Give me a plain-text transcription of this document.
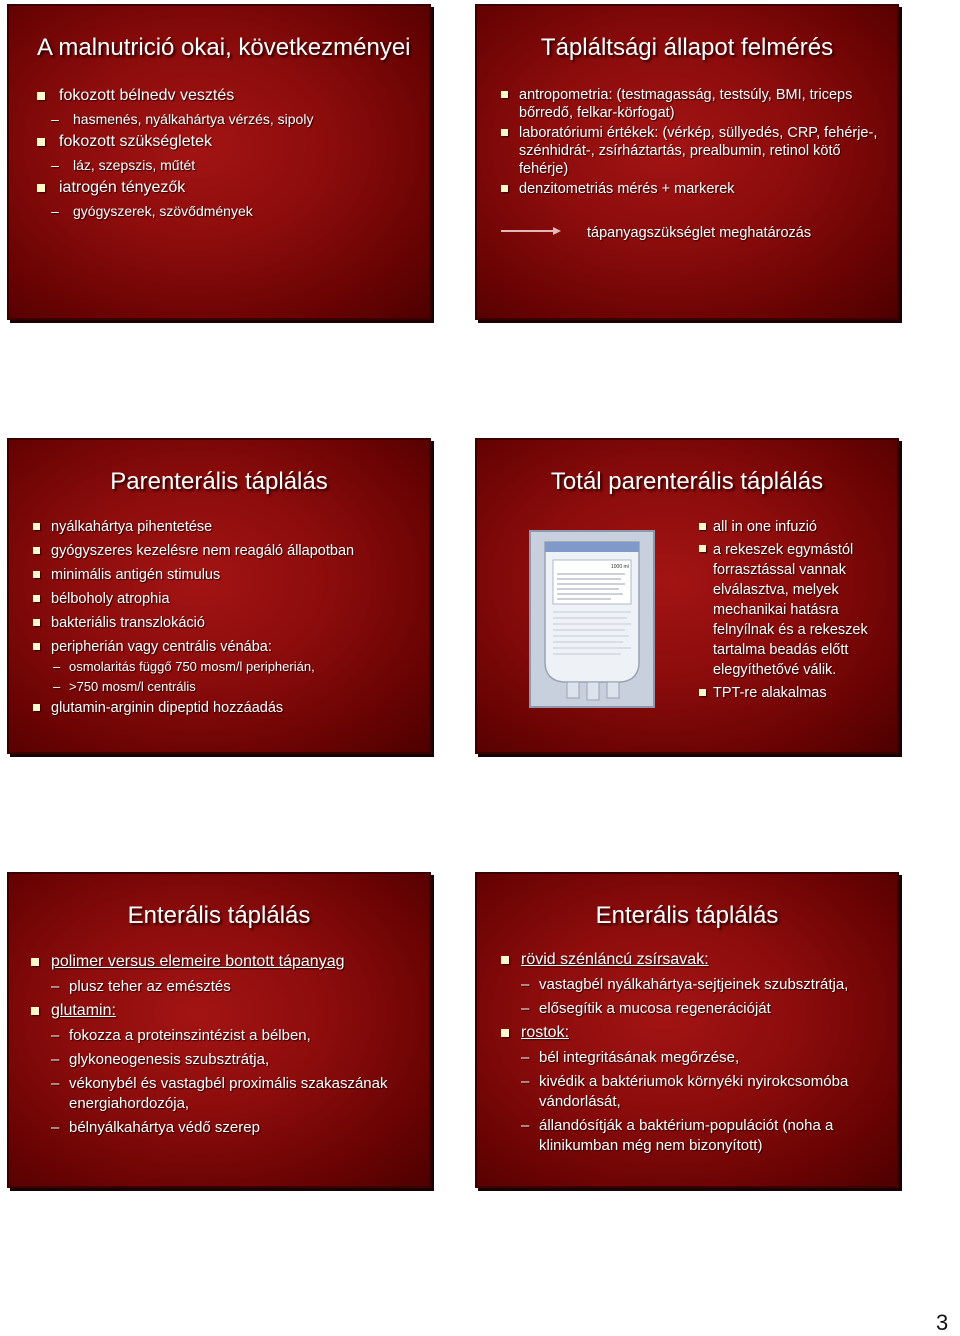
A malnutrició okai, következményei
fokozott bélnedv vesztés
– hasmenés, nyálkahártya vérzés, sipoly
fokozott szükségletek
– láz, szepszis, műtét
iatrogén tényezők
– gyógyszerek, szövődmények
Tápláltsági állapot felmérés
antropometria: (testmagasság, testsúly, BMI, triceps bőrredő, felkar-körfogat)
laboratóriumi értékek: (vérkép, süllyedés, CRP, fehérje-, szénhidrát-, zsírháztartás, prealbumin, retinol kötő fehérje)
denzitometriás mérés + markerek
tápanyagszükséglet meghatározás
Parenterális táplálás
nyálkahártya pihentetése
gyógyszeres kezelésre nem reagáló állapotban
minimális antigén stimulus
bélboholy atrophia
bakteriális transzlokáció
peripherián vagy centrális vénába:
– osmolaritás függő 750 mosm/l peripherián,
– >750 mosm/l centrális
glutamin-arginin dipeptid hozzáadás
Totál parenterális táplálás
1000 ml
all in one infuzió
a rekeszek egymástól forrasztással vannak elválasztva, melyek mechanikai hatásra felnyílnak és a rekeszek tartalma beadás előtt elegyíthetővé válik.
TPT-re alakalmas
Enterális táplálás
polimer versus elemeire bontott tápanyag
– plusz teher az emésztés
glutamin:
– fokozza a proteinszintézist a bélben,
– glykoneogenesis szubsztrátja,
– vékonybél és vastagbél proximális szakaszának energiahordozója,
– bélnyálkahártya védő szerep
Enterális táplálás
rövid szénláncú zsírsavak:
– vastagbél nyálkahártya-sejtjeinek szubsztrátja,
– elősegítik a mucosa regenerációját
rostok:
– bél integritásának megőrzése,
– kivédik a baktériumok környéki nyirokcsomóba vándorlását,
– állandósítják a baktérium-populációt (noha a klinikumban még nem bizonyított)
3
